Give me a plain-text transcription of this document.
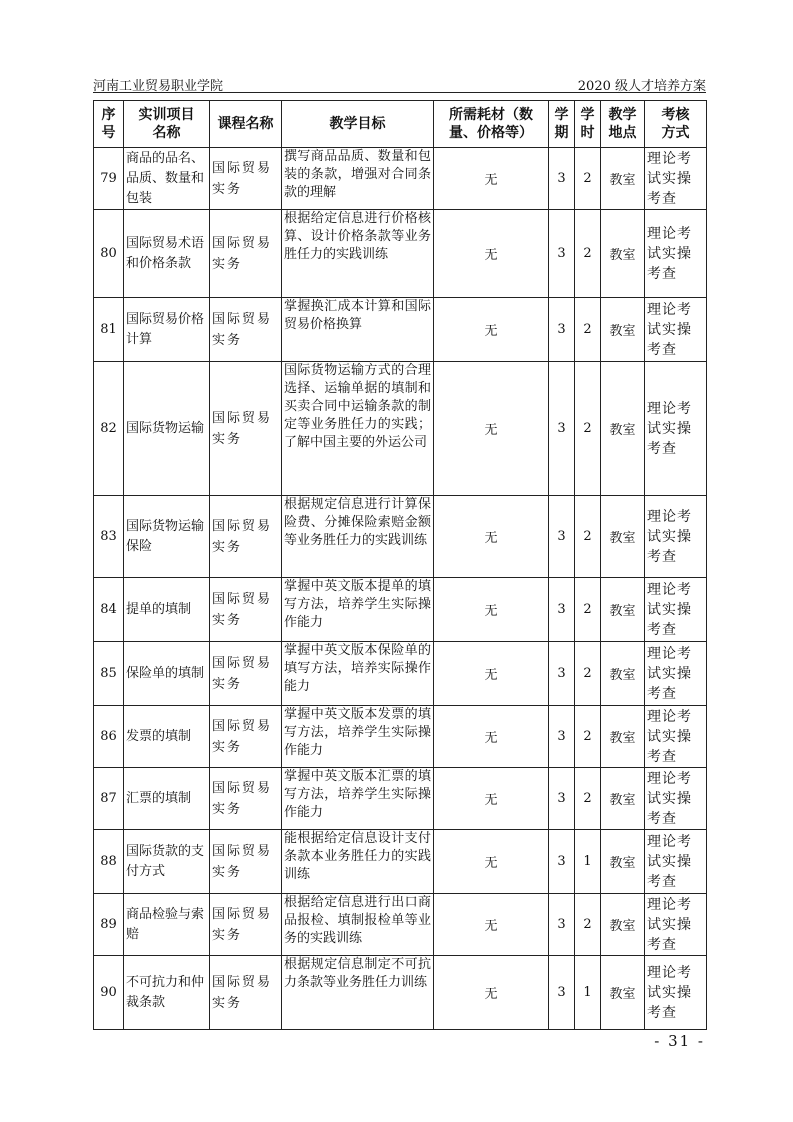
河南工业贸易职业学院	2020 级人才培养方案
序号	实训项目名称	课程名称	教学目标	所需耗材（数量、价格等）	学期	学时	教学地点	考核方式
79	商品的品名、品质、数量和包装	国际贸易实务	撰写商品品质、数量和包装的条款，增强对合同条款的理解	无	3	2	教室	理论考试实操考查
80	国际贸易术语和价格条款	国际贸易实务	根据给定信息进行价格核算、设计价格条款等业务胜任力的实践训练	无	3	2	教室	理论考试实操考查
81	国际贸易价格计算	国际贸易实务	掌握换汇成本计算和国际贸易价格换算	无	3	2	教室	理论考试实操考查
82	国际货物运输	国际贸易实务	国际货物运输方式的合理选择、运输单据的填制和买卖合同中运输条款的制定等业务胜任力的实践；了解中国主要的外运公司	无	3	2	教室	理论考试实操考查
83	国际货物运输保险	国际贸易实务	根据规定信息进行计算保险费、分摊保险索赔金额等业务胜任力的实践训练	无	3	2	教室	理论考试实操考查
84	提单的填制	国际贸易实务	掌握中英文版本提单的填写方法，培养学生实际操作能力	无	3	2	教室	理论考试实操考查
85	保险单的填制	国际贸易实务	掌握中英文版本保险单的填写方法，培养实际操作能力	无	3	2	教室	理论考试实操考查
86	发票的填制	国际贸易实务	掌握中英文版本发票的填写方法，培养学生实际操作能力	无	3	2	教室	理论考试实操考查
87	汇票的填制	国际贸易实务	掌握中英文版本汇票的填写方法，培养学生实际操作能力	无	3	2	教室	理论考试实操考查
88	国际货款的支付方式	国际贸易实务	能根据给定信息设计支付条款本业务胜任力的实践训练	无	3	1	教室	理论考试实操考查
89	商品检验与索赔	国际贸易实务	根据给定信息进行出口商品报检、填制报检单等业务的实践训练	无	3	2	教室	理论考试实操考查
90	不可抗力和仲裁条款	国际贸易实务	根据规定信息制定不可抗力条款等业务胜任力训练	无	3	1	教室	理论考试实操考查
- 31 -
